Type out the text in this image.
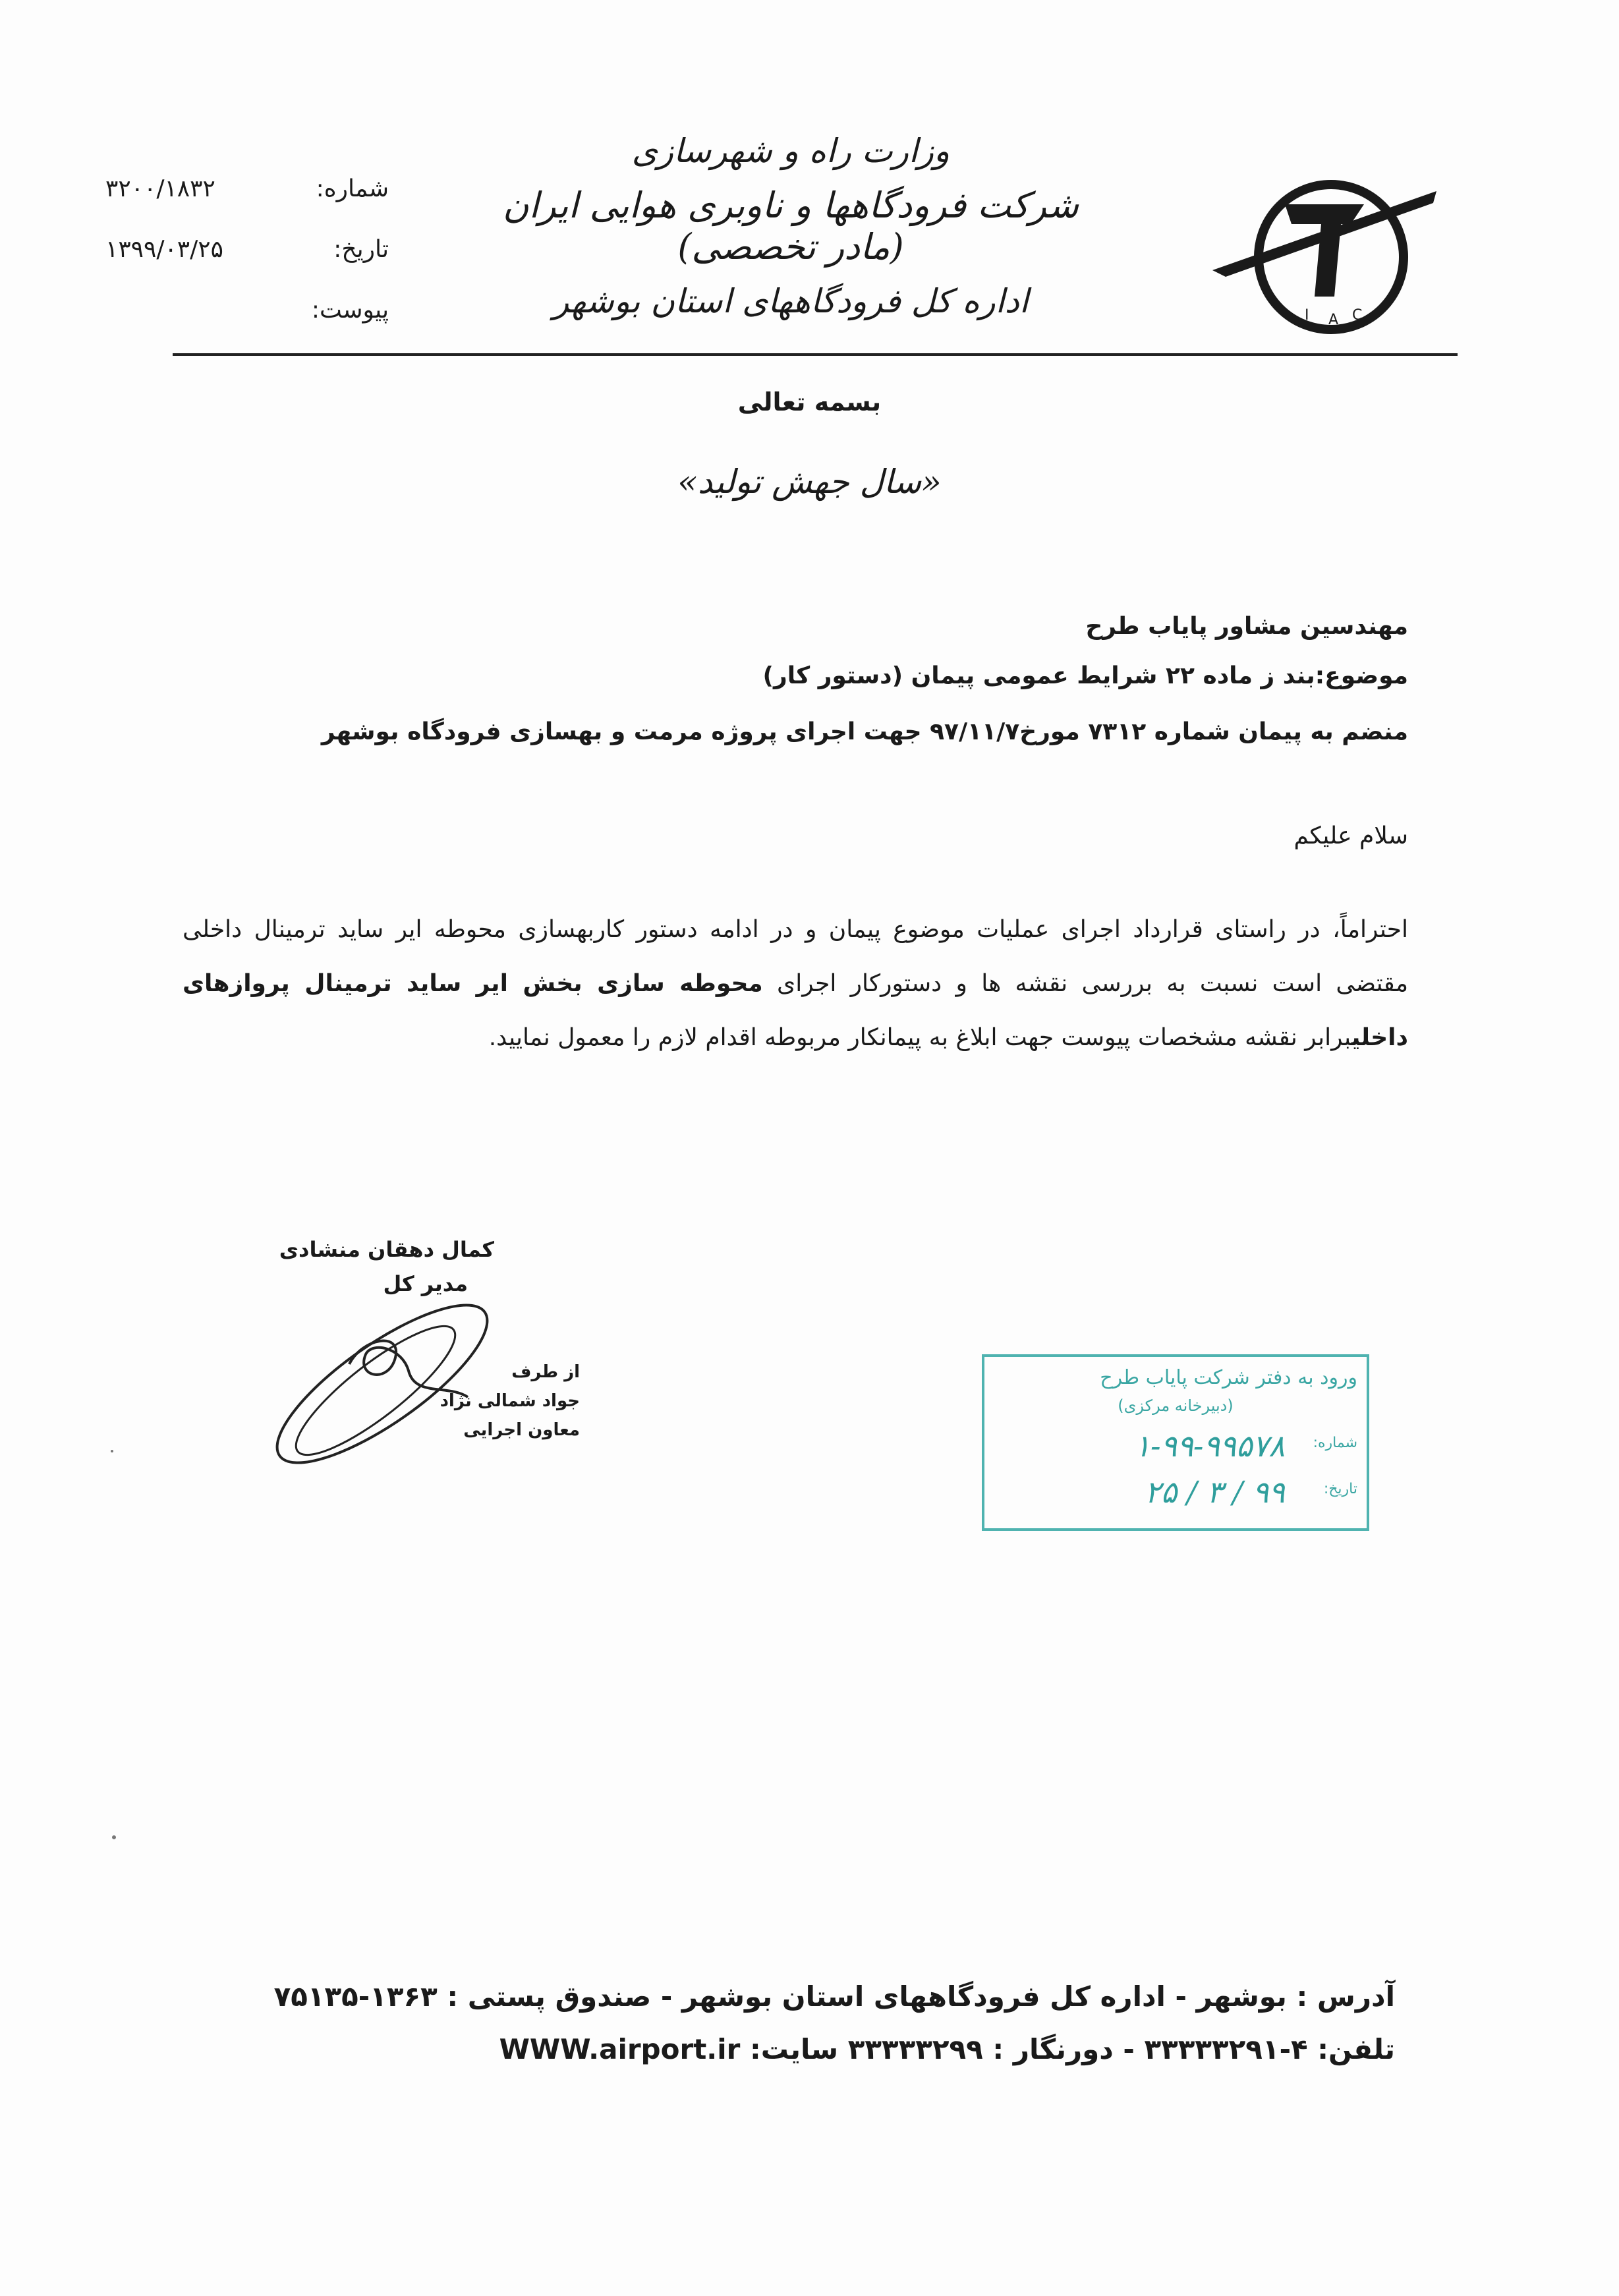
I A C
وزارت راه و شهرسازی
شرکت فرودگاهها و ناوبری هوایی ایران (مادر تخصصی)
اداره کل فرودگاههای استان بوشهر
شماره:
۳۲۰۰/۱۸۳۲
تاریخ:
۱۳۹۹/۰۳/۲۵
پیوست:
بسمه تعالی
«سال جهش تولید»
مهندسین مشاور پایاب طرح
موضوع:بند ز ماده ۲۲ شرایط عمومی پیمان (دستور کار)
منضم به پیمان شماره ۷۳۱۲ مورخ۹۷/۱۱/۷ جهت اجرای پروژه مرمت و بهسازی فرودگاه بوشهر
سلام علیکم
احتراماً، در راستای قرارداد اجرای عملیات موضوع پیمان و در ادامه دستور کاربهسازی محوطه ایر ساید ترمینال داخلی مقتضی است نسبت به بررسی نقشه ها و دستورکار اجرای محوطه سازی بخش ایر ساید ترمینال پروازهای داخلیبرابر نقشه مشخصات پیوست جهت ابلاغ به پیمانکار مربوطه اقدام لازم را معمول نمایید.
کمال دهقان منشادی
مدیر کل
از طرف
جواد شمالی نژاد
معاون اجرایی
ورود به دفتر شرکت پایاب طرح
(دبیرخانه مرکزی)
شماره:
۱-۹۹-۹۹۵۷۸
تاریخ:
۹۹ / ۳ / ۲۵
آدرس : بوشهر - اداره کل فرودگاههای استان بوشهر - صندوق پستی : ۱۳۶۳-۷۵۱۳۵
تلفن: ۴-۳۳۳۳۳۲۹۱ - دورنگار : ۳۳۳۳۳۲۹۹ سایت: WWW.airport.ir
